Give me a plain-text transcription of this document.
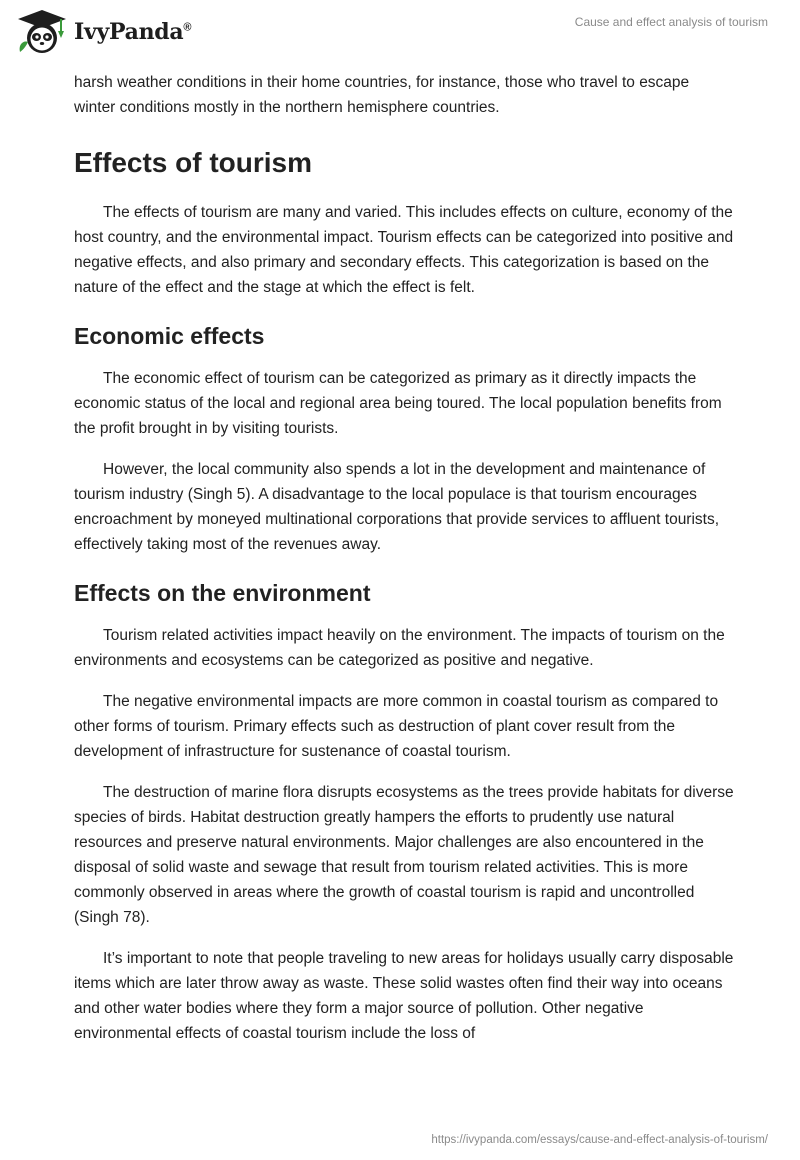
IvyPanda®	Cause and effect analysis of tourism

harsh weather conditions in their home countries, for instance, those who travel to escape winter conditions mostly in the northern hemisphere countries.

Effects of tourism

The effects of tourism are many and varied. This includes effects on culture, economy of the host country, and the environmental impact. Tourism effects can be categorized into positive and negative effects, and also primary and secondary effects. This categorization is based on the nature of the effect and the stage at which the effect is felt.

Economic effects

The economic effect of tourism can be categorized as primary as it directly impacts the economic status of the local and regional area being toured. The local population benefits from the profit brought in by visiting tourists.

However, the local community also spends a lot in the development and maintenance of tourism industry (Singh 5). A disadvantage to the local populace is that tourism encourages encroachment by moneyed multinational corporations that provide services to affluent tourists, effectively taking most of the revenues away.

Effects on the environment

Tourism related activities impact heavily on the environment. The impacts of tourism on the environments and ecosystems can be categorized as positive and negative.

The negative environmental impacts are more common in coastal tourism as compared to other forms of tourism. Primary effects such as destruction of plant cover result from the development of infrastructure for sustenance of coastal tourism.

The destruction of marine flora disrupts ecosystems as the trees provide habitats for diverse species of birds. Habitat destruction greatly hampers the efforts to prudently use natural resources and preserve natural environments. Major challenges are also encountered in the disposal of solid waste and sewage that result from tourism related activities. This is more commonly observed in areas where the growth of coastal tourism is rapid and uncontrolled (Singh 78).

It’s important to note that people traveling to new areas for holidays usually carry disposable items which are later throw away as waste. These solid wastes often find their way into oceans and other water bodies where they form a major source of pollution. Other negative environmental effects of coastal tourism include the loss of

https://ivypanda.com/essays/cause-and-effect-analysis-of-tourism/
